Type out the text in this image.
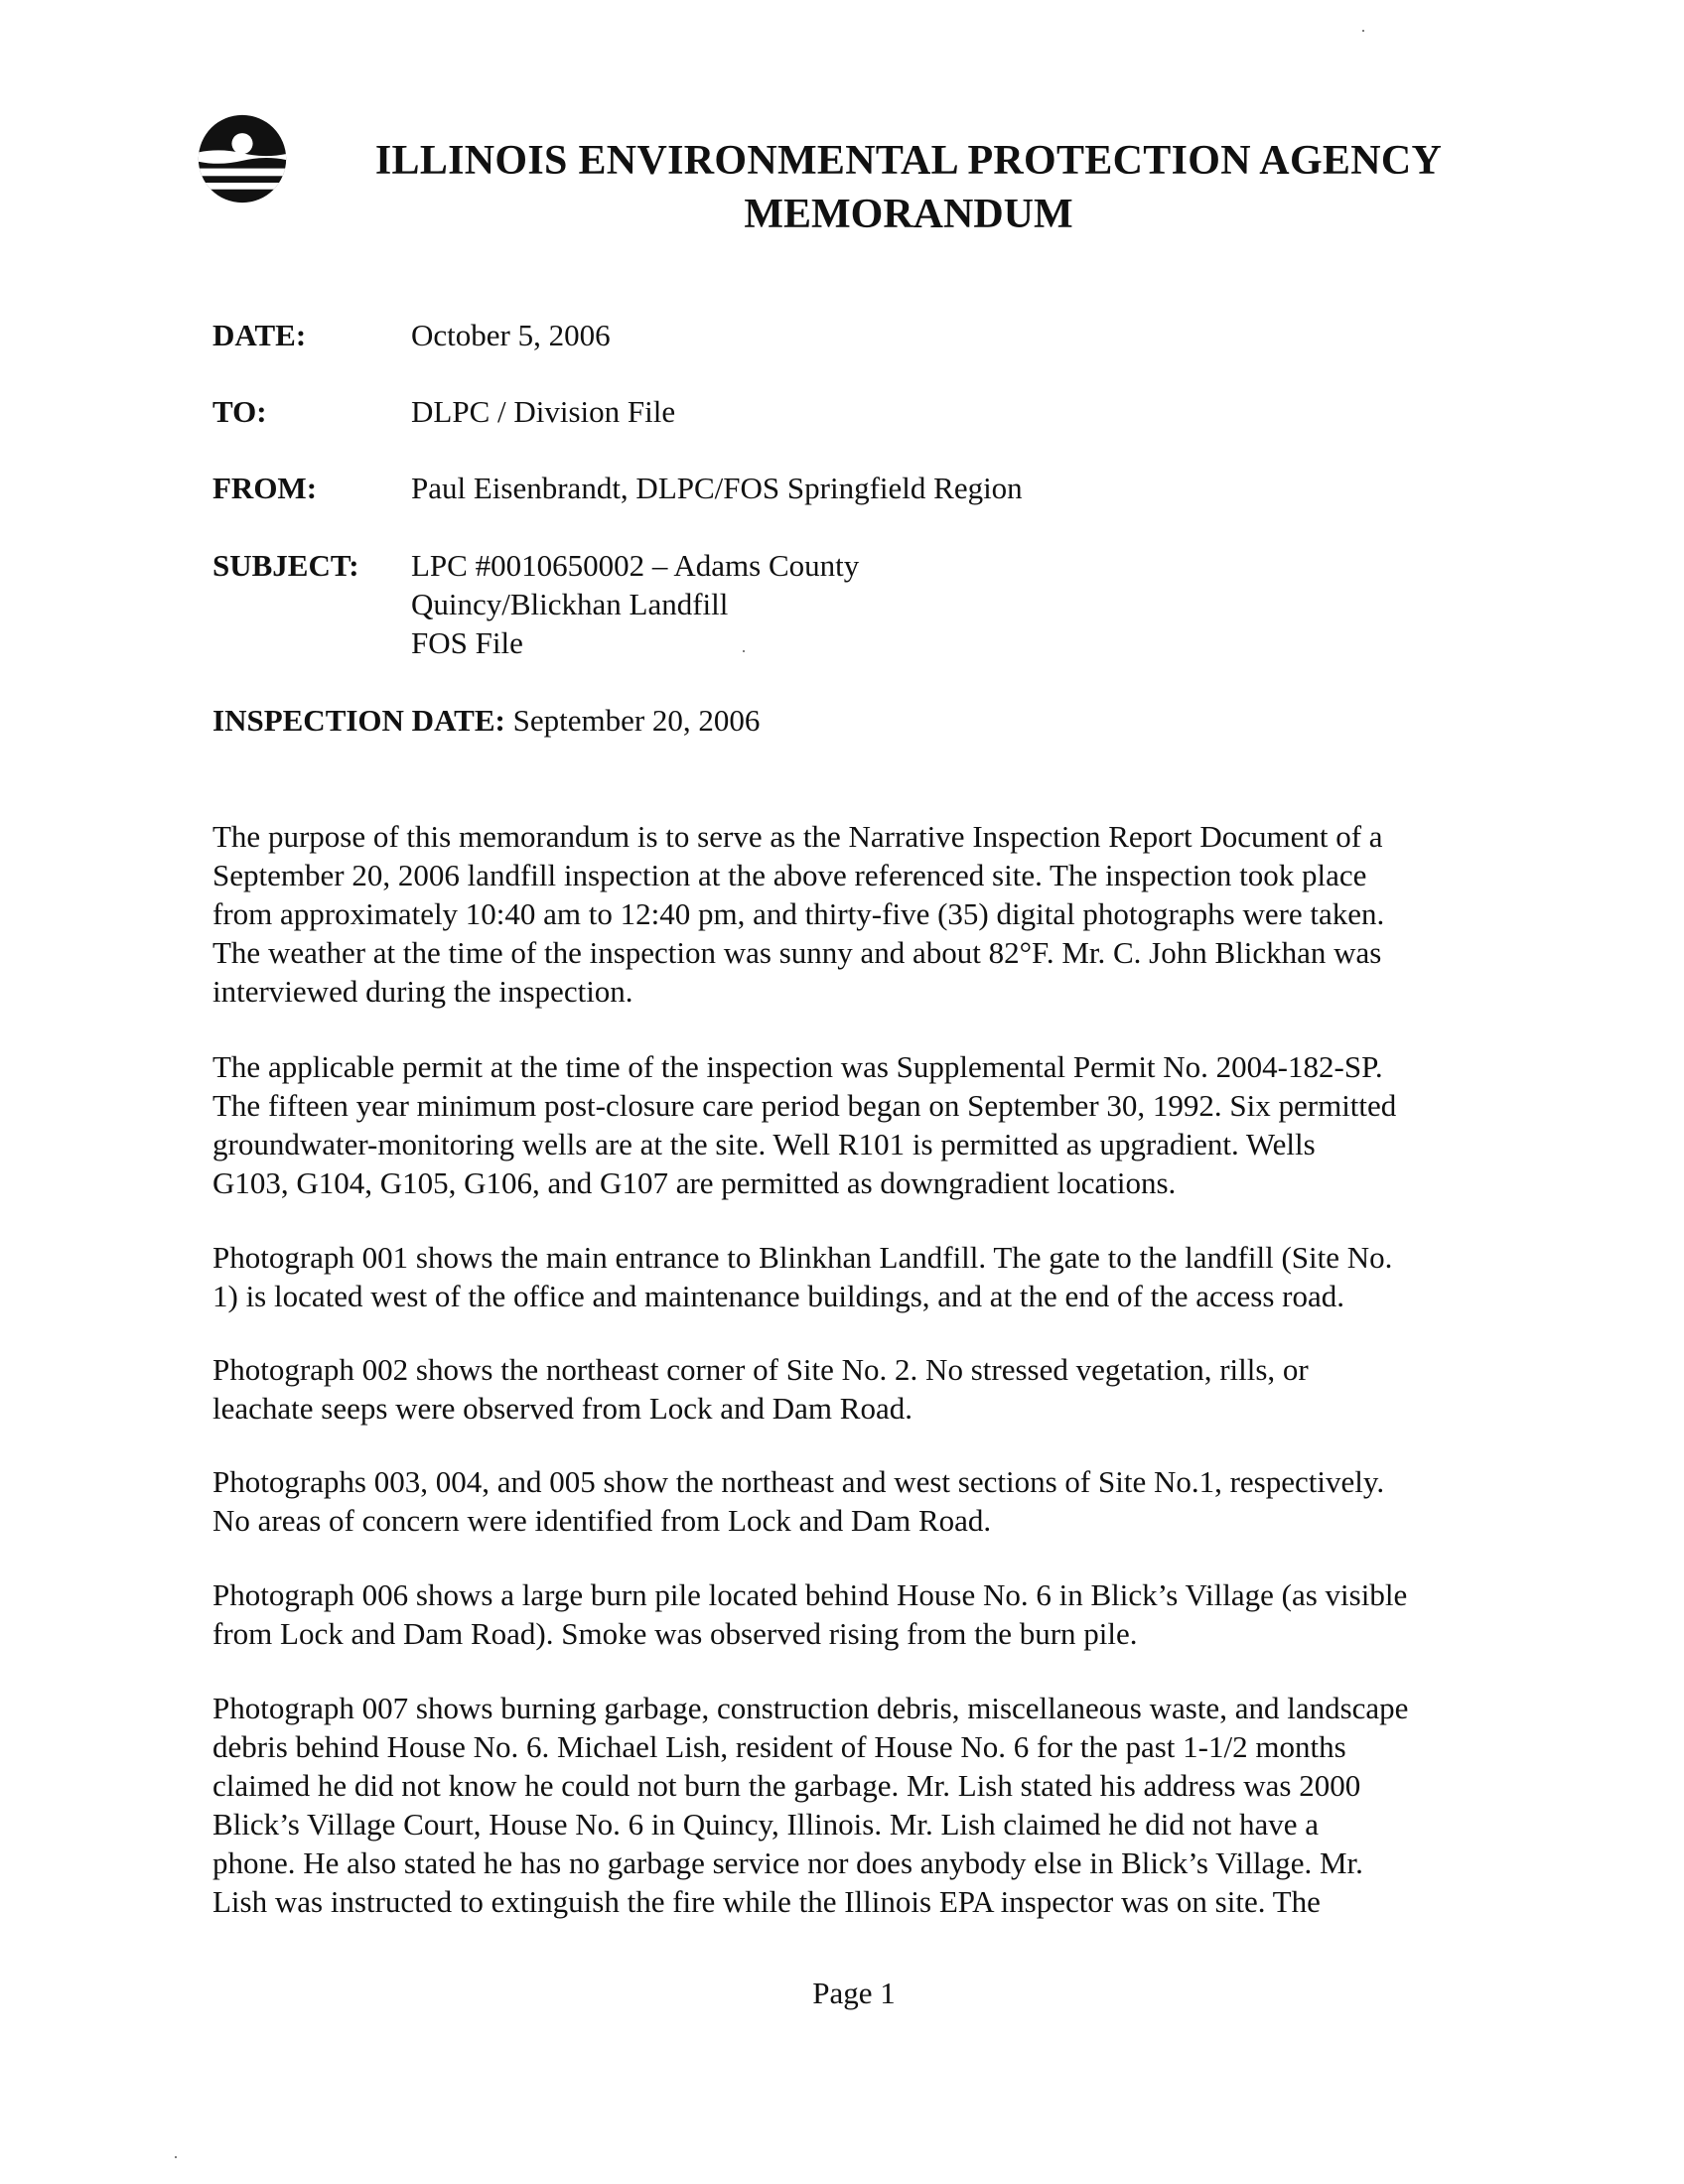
ILLINOIS ENVIRONMENTAL PROTECTION AGENCY
MEMORANDUM
DATE:	October 5, 2006
TO:	DLPC / Division File
FROM:	Paul Eisenbrandt, DLPC/FOS Springfield Region
SUBJECT: LPC #0010650002 – Adams County
Quincy/Blickhan Landfill
FOS File
INSPECTION DATE: September 20, 2006
The purpose of this memorandum is to serve as the Narrative Inspection Report Document of a
September 20, 2006 landfill inspection at the above referenced site. The inspection took place
from approximately 10:40 am to 12:40 pm, and thirty-five (35) digital photographs were taken.
The weather at the time of the inspection was sunny and about 82°F. Mr. C. John Blickhan was
interviewed during the inspection.
The applicable permit at the time of the inspection was Supplemental Permit No. 2004-182-SP.
The fifteen year minimum post-closure care period began on September 30, 1992. Six permitted
groundwater-monitoring wells are at the site. Well R101 is permitted as upgradient. Wells
G103, G104, G105, G106, and G107 are permitted as downgradient locations.
Photograph 001 shows the main entrance to Blinkhan Landfill. The gate to the landfill (Site No.
1) is located west of the office and maintenance buildings, and at the end of the access road.
Photograph 002 shows the northeast corner of Site No. 2. No stressed vegetation, rills, or
leachate seeps were observed from Lock and Dam Road.
Photographs 003, 004, and 005 show the northeast and west sections of Site No.1, respectively.
No areas of concern were identified from Lock and Dam Road.
Photograph 006 shows a large burn pile located behind House No. 6 in Blick’s Village (as visible
from Lock and Dam Road). Smoke was observed rising from the burn pile.
Photograph 007 shows burning garbage, construction debris, miscellaneous waste, and landscape
debris behind House No. 6. Michael Lish, resident of House No. 6 for the past 1-1/2 months
claimed he did not know he could not burn the garbage. Mr. Lish stated his address was 2000
Blick’s Village Court, House No. 6 in Quincy, Illinois. Mr. Lish claimed he did not have a
phone. He also stated he has no garbage service nor does anybody else in Blick’s Village. Mr.
Lish was instructed to extinguish the fire while the Illinois EPA inspector was on site. The
Page 1
